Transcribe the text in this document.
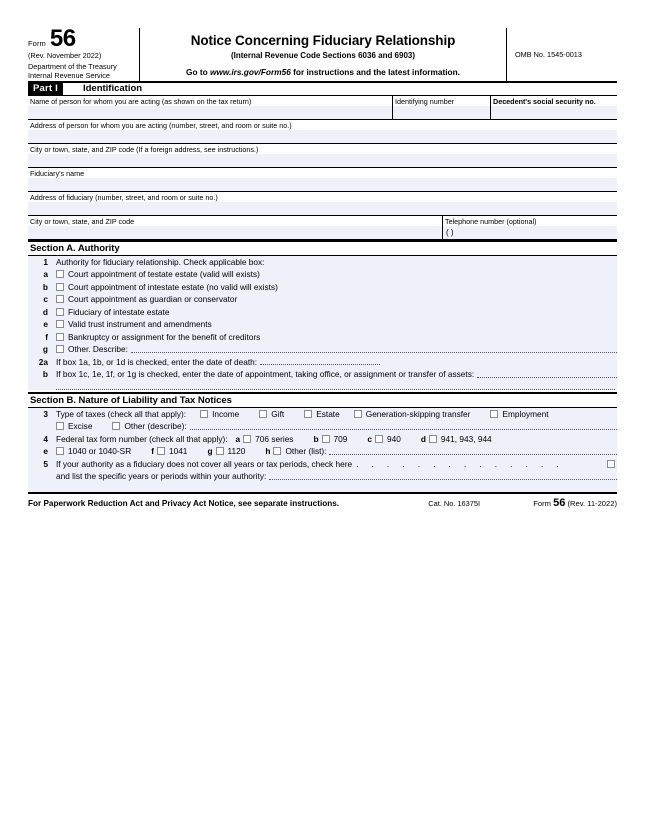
Form 56
(Rev. November 2022)
Department of the Treasury
Internal Revenue Service
Notice Concerning Fiduciary Relationship
(Internal Revenue Code Sections 6036 and 6903)
Go to www.irs.gov/Form56 for instructions and the latest information.
OMB No. 1545-0013
Part I	Identification
Name of person for whom you are acting (as shown on the tax return)	Identifying number	Decedent's social security no.
Address of person for whom you are acting (number, street, and room or suite no.)
City or town, state, and ZIP code (If a foreign address, see instructions.)
Fiduciary's name
Address of fiduciary (number, street, and room or suite no.)
City or town, state, and ZIP code	Telephone number (optional)
( )
Section A. Authority
1 Authority for fiduciary relationship. Check applicable box:
a	Court appointment of testate estate (valid will exists)
b	Court appointment of intestate estate (no valid will exists)
c	Court appointment as guardian or conservator
d	Fiduciary of intestate estate
e	Valid trust instrument and amendments
f	Bankruptcy or assignment for the benefit of creditors
g	Other. Describe:
2a If box 1a, 1b, or 1d is checked, enter the date of death:
b If box 1c, 1e, 1f, or 1g is checked, enter the date of appointment, taking office, or assignment or transfer of assets:
Section B. Nature of Liability and Tax Notices
3 Type of taxes (check all that apply):	Income	Gift	Estate	Generation-skipping transfer	Employment
Excise	Other (describe):
4 Federal tax form number (check all that apply): a	706 series b	709 c	940 d	941, 943, 944
e	1040 or 1040-SR f	1041 g	1120 h	Other (list):
5 If your authority as a fiduciary does not cover all years or tax periods, check here . . . . . . . . . . . . . .
and list the specific years or periods within your authority:
For Paperwork Reduction Act and Privacy Act Notice, see separate instructions.	Cat. No. 16375I	Form 56 (Rev. 11-2022)
